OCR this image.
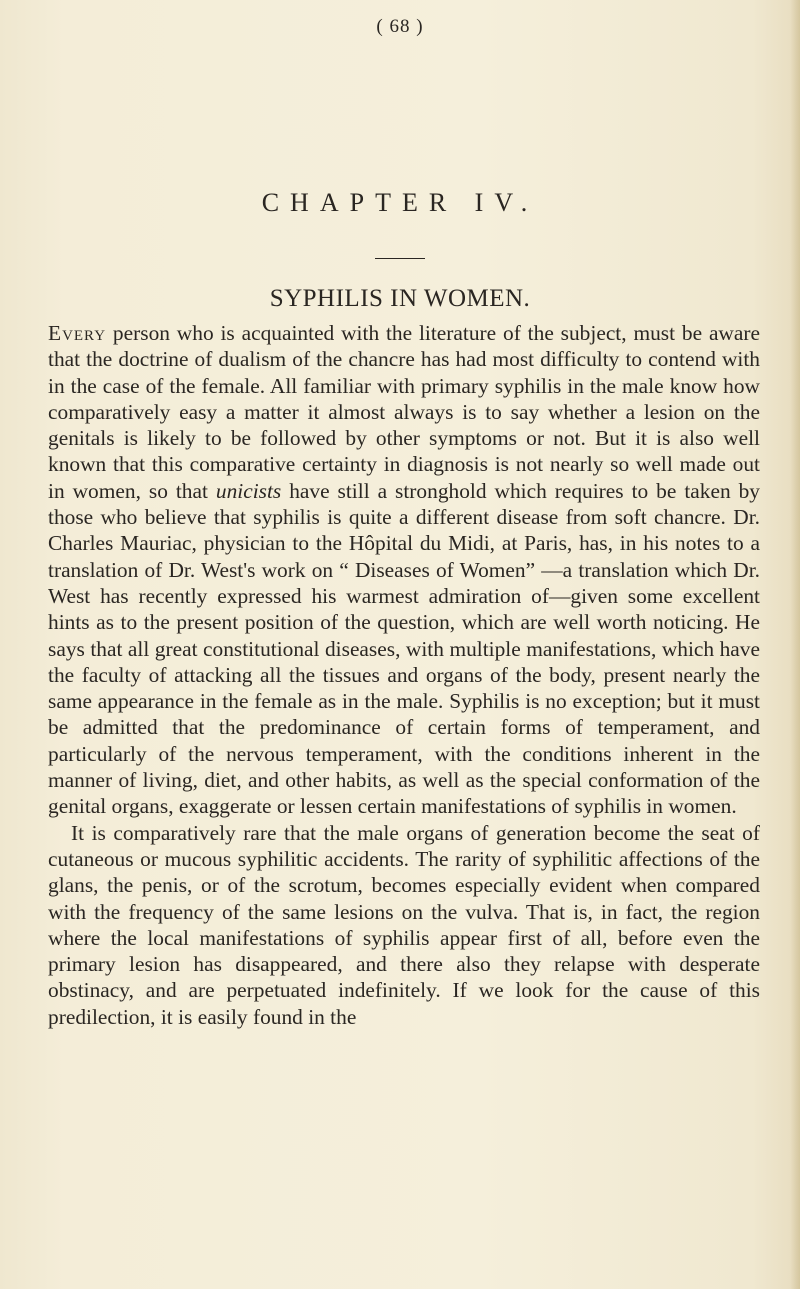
( 68 )
CHAPTER IV.
SYPHILIS IN WOMEN.

Every person who is acquainted with the literature of the subject, must be aware that the doctrine of dualism of the chancre has had most difficulty to contend with in the case of the female. All familiar with primary syphilis in the male know how comparatively easy a matter it almost always is to say whether a lesion on the genitals is likely to be followed by other symptoms or not. But it is also well known that this comparative certainty in diagnosis is not nearly so well made out in women, so that unicists have still a stronghold which requires to be taken by those who believe that syphilis is quite a different disease from soft chancre. Dr. Charles Mauriac, physician to the Hôpital du Midi, at Paris, has, in his notes to a translation of Dr. West's work on “ Diseases of Women” —a translation which Dr. West has recently expressed his warmest admiration of—given some excellent hints as to the present position of the question, which are well worth noticing. He says that all great constitutional diseases, with multiple manifestations, which have the faculty of attacking all the tissues and organs of the body, present nearly the same appearance in the female as in the male. Syphilis is no exception; but it must be admitted that the predominance of certain forms of temperament, and particularly of the nervous temperament, with the conditions inherent in the manner of living, diet, and other habits, as well as the special conformation of the genital organs, exaggerate or lessen certain manifestations of syphilis in women.

It is comparatively rare that the male organs of generation become the seat of cutaneous or mucous syphilitic accidents. The rarity of syphilitic affections of the glans, the penis, or of the scrotum, becomes especially evident when compared with the frequency of the same lesions on the vulva. That is, in fact, the region where the local manifestations of syphilis appear first of all, before even the primary lesion has disappeared, and there also they relapse with desperate obstinacy, and are perpetuated indefinitely. If we look for the cause of this predilection, it is easily found in the
